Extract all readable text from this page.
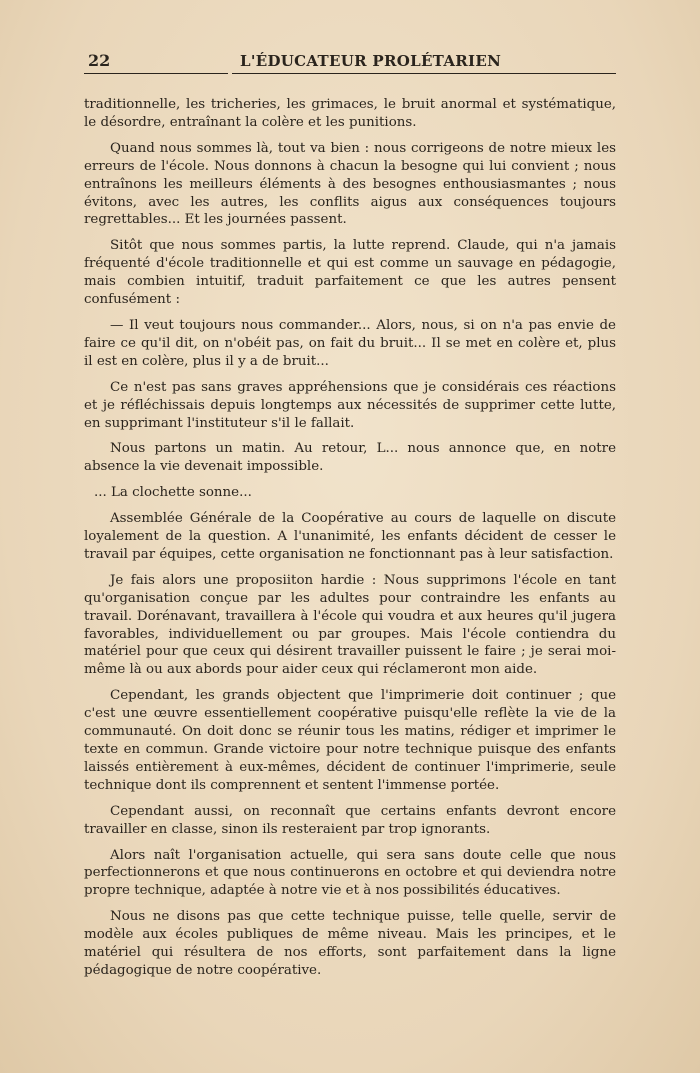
22	L'ÉDUCATEUR PROLÉTARIEN

traditionnelle, les tricheries, les grimaces, le bruit anormal et systématique, le désordre, entraînant la colère et les punitions.

Quand nous sommes là, tout va bien : nous corrigeons de notre mieux les erreurs de l'école. Nous donnons à chacun la besogne qui lui convient ; nous entraînons les meilleurs éléments à des besognes enthousiasmantes ; nous évitons, avec les autres, les conflits aigus aux conséquences toujours regrettables... Et les journées passent.

Sitôt que nous sommes partis, la lutte reprend. Claude, qui n'a jamais fréquenté d'école traditionnelle et qui est comme un sauvage en pédagogie, mais combien intuitif, traduit parfaitement ce que les autres pensent confusément :

— Il veut toujours nous commander... Alors, nous, si on n'a pas envie de faire ce qu'il dit, on n'obéit pas, on fait du bruit... Il se met en colère et, plus il est en colère, plus il y a de bruit...

Ce n'est pas sans graves appréhensions que je considérais ces réactions et je réfléchissais depuis longtemps aux nécessités de supprimer cette lutte, en supprimant l'instituteur s'il le fallait.

Nous partons un matin. Au retour, L... nous annonce que, en notre absence la vie devenait impossible.

... La clochette sonne...

Assemblée Générale de la Coopérative au cours de laquelle on discute loyalement de la question. A l'unanimité, les enfants décident de cesser le travail par équipes, cette organisation ne fonctionnant pas à leur satisfaction.

Je fais alors une proposiiton hardie : Nous supprimons l'école en tant qu'organisation conçue par les adultes pour contraindre les enfants au travail. Dorénavant, travaillera à l'école qui voudra et aux heures qu'il jugera favorables, individuellement ou par groupes. Mais l'école contiendra du matériel pour que ceux qui désirent travailler puissent le faire ; je serai moi-même là ou aux abords pour aider ceux qui réclameront mon aide.

Cependant, les grands objectent que l'imprimerie doit continuer ; que c'est une œuvre essentiellement coopérative puisqu'elle reflète la vie de la communauté. On doit donc se réunir tous les matins, rédiger et imprimer le texte en commun. Grande victoire pour notre technique puisque des enfants laissés entièrement à eux-mêmes, décident de continuer l'imprimerie, seule technique dont ils comprennent et sentent l'immense portée.

Cependant aussi, on reconnaît que certains enfants devront encore travailler en classe, sinon ils resteraient par trop ignorants.

Alors naît l'organisation actuelle, qui sera sans doute celle que nous perfectionnerons et que nous continuerons en octobre et qui deviendra notre propre technique, adaptée à notre vie et à nos possibilités éducatives.

Nous ne disons pas que cette technique puisse, telle quelle, servir de modèle aux écoles publiques de même niveau. Mais les principes, et le matériel qui résultera de nos efforts, sont parfaitement dans la ligne pédagogique de notre coopérative.
